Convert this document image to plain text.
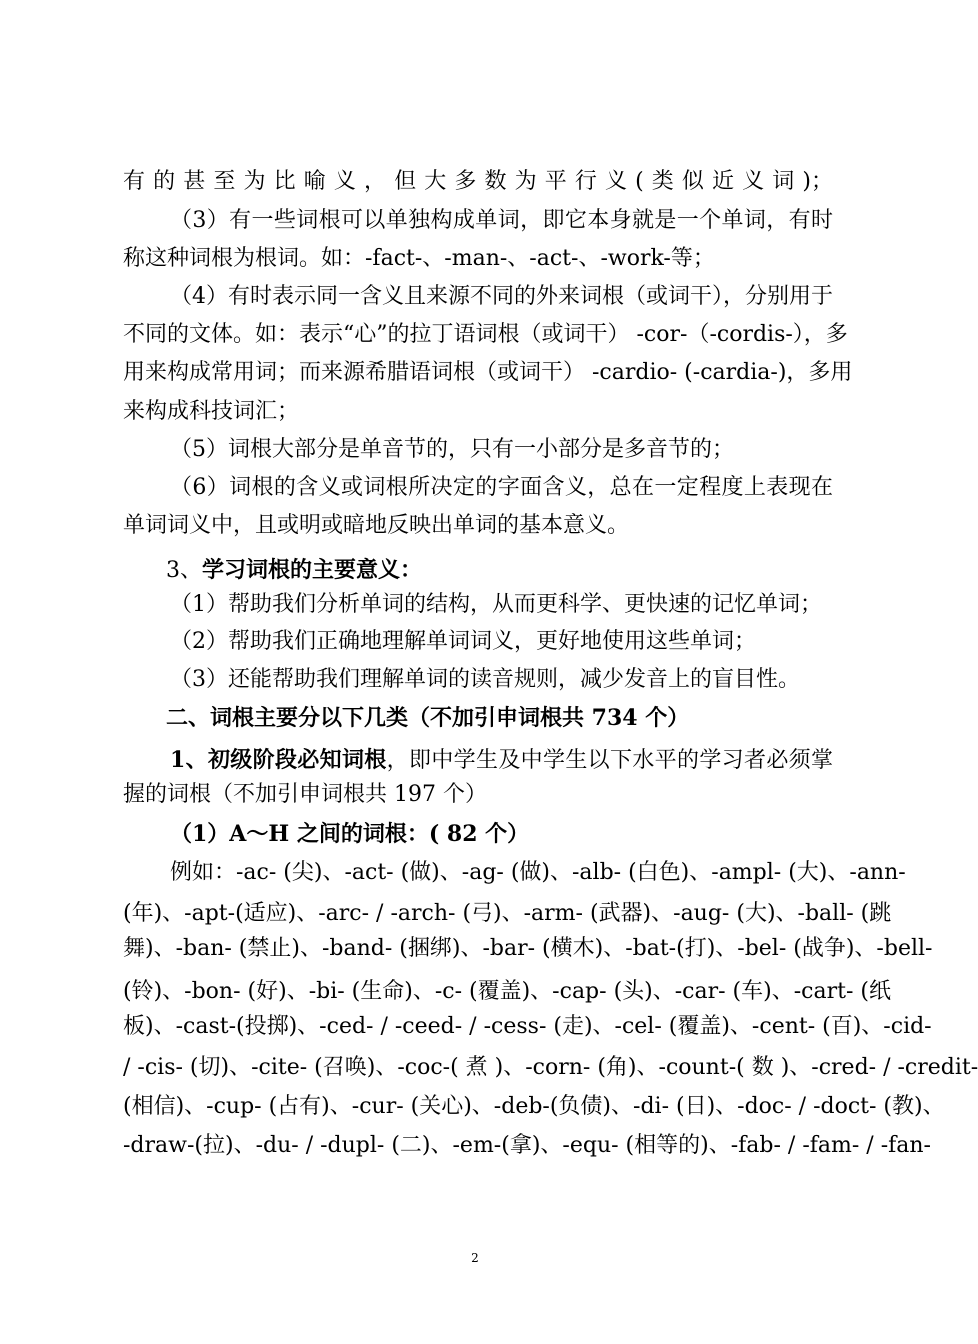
有的甚至为比喻义，但大多数为平行义(类似近义词)；
（3）有一些词根可以单独构成单词，即它本身就是一个单词，有时
称这种词根为根词。如：-fact-、-man-、-act-、-work-等；
（4）有时表示同一含义且来源不同的外来词根（或词干），分别用于
不同的文体。如：表示“心”的拉丁语词根（或词干） -cor-（-cordis-），多
用来构成常用词；而来源希腊语词根（或词干） -cardio- (-cardia-)，多用
来构成科技词汇；
（5）词根大部分是单音节的，只有一小部分是多音节的；
（6）词根的含义或词根所决定的字面含义，总在一定程度上表现在
单词词义中，且或明或暗地反映出单词的基本意义。
3、学习词根的主要意义：
（1）帮助我们分析单词的结构，从而更科学、更快速的记忆单词；
（2）帮助我们正确地理解单词词义，更好地使用这些单词；
（3）还能帮助我们理解单词的读音规则，减少发音上的盲目性。
二、词根主要分以下几类（不加引申词根共 734 个）
1、初级阶段必知词根，即中学生及中学生以下水平的学习者必须掌
握的词根（不加引申词根共 197 个）
（1）A～H 之间的词根：( 82 个）
例如：-ac- (尖)、-act- (做)、-ag- (做)、-alb- (白色)、-ampl- (大)、-ann-
(年)、-apt-(适应)、-arc- / -arch- (弓)、-arm- (武器)、-aug- (大)、-ball- (跳
舞)、-ban- (禁止)、-band- (捆绑)、-bar- (横木)、-bat-(打)、-bel- (战争)、-bell-
(铃)、-bon- (好)、-bi- (生命)、-c- (覆盖)、-cap- (头)、-car- (车)、-cart- (纸
板)、-cast-(投掷)、-ced- / -ceed- / -cess- (走)、-cel- (覆盖)、-cent- (百)、-cid-
/ -cis- (切)、-cite- (召唤)、-coc-( 煮 )、-corn- (角)、-count-( 数 )、-cred- / -credit-
(相信)、-cup- (占有)、-cur- (关心)、-deb-(负债)、-di- (日)、-doc- / -doct- (教)、
-draw-(拉)、-du- / -dupl- (二)、-em-(拿)、-equ- (相等的)、-fab- / -fam- / -fan-
2
